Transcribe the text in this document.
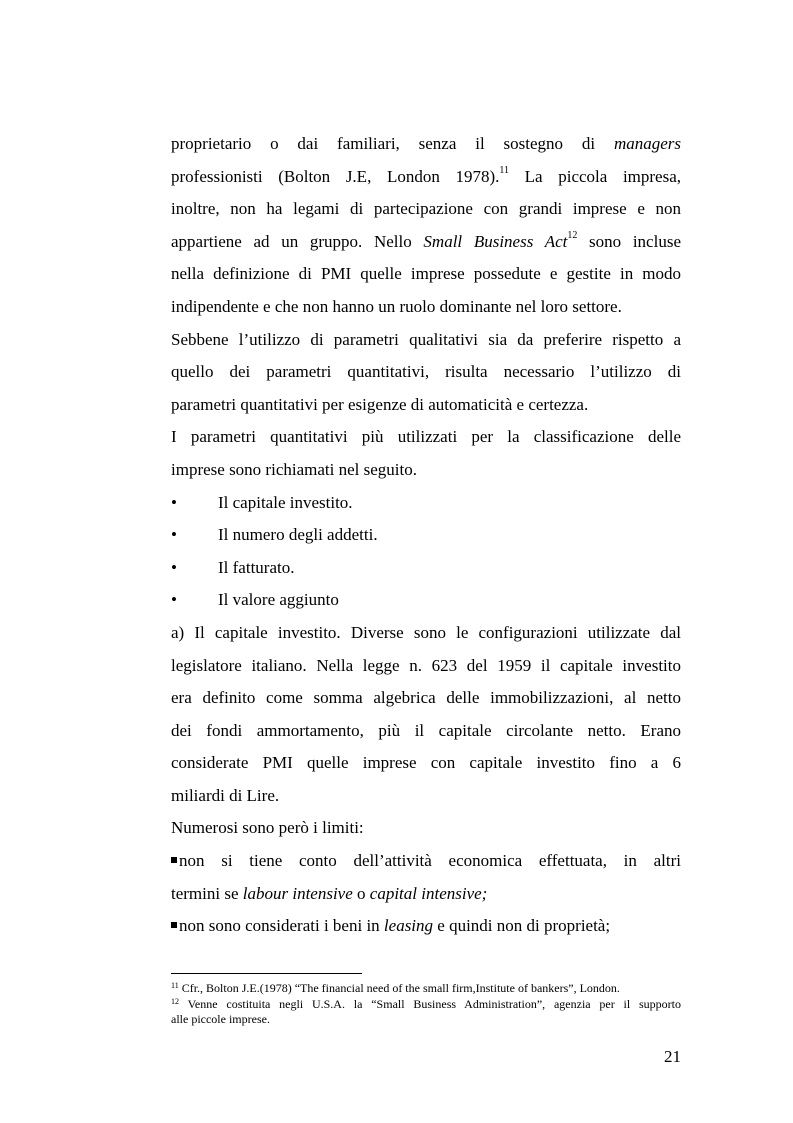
proprietario o dai familiari, senza il sostegno di managers
professionisti (Bolton J.E, London 1978).$^{11}$ La piccola impresa,
inoltre, non ha legami di partecipazione con grandi imprese e non
appartiene ad un gruppo. Nello Small Business Act$^{12}$ sono incluse
nella definizione di PMI quelle imprese possedute e gestite in modo
indipendente e che non hanno un ruolo dominante nel loro settore.
Sebbene l’utilizzo di parametri qualitativi sia da preferire rispetto a
quello dei parametri quantitativi, risulta necessario l’utilizzo di
parametri quantitativi per esigenze di automaticità e certezza.
I parametri quantitativi più utilizzati per la classificazione delle
imprese sono richiamati nel seguito.
•	Il capitale investito.
•	Il numero degli addetti.
•	Il fatturato.
•	Il valore aggiunto
a) Il capitale investito. Diverse sono le configurazioni utilizzate dal
legislatore italiano. Nella legge n. 623 del 1959 il capitale investito
era definito come somma algebrica delle immobilizzazioni, al netto
dei fondi ammortamento, più il capitale circolante netto. Erano
considerate PMI quelle imprese con capitale investito fino a 6
miliardi di Lire.
Numerosi sono però i limiti:
non si tiene conto dell’attività economica effettuata, in altri
termini se labour intensive o capital intensive;
non sono considerati i beni in leasing e quindi non di proprietà;
$^{11}$ Cfr., Bolton J.E.(1978) “The financial need of the small firm,Institute of bankers”, London.
$^{12}$ Venne costituita negli U.S.A. la “Small Business Administration”, agenzia per il supporto
alle piccole imprese.
21
